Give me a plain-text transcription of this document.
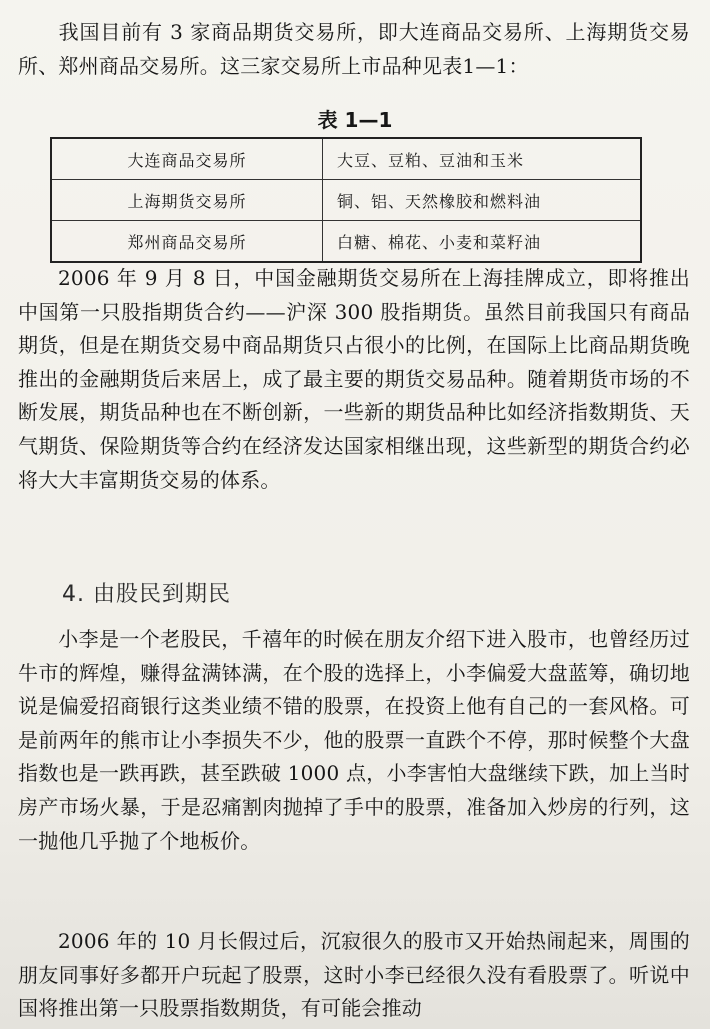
我国目前有 3 家商品期货交易所，即大连商品交易所、上海期货交易所、郑州商品交易所。这三家交易所上市品种见表1—1：

表 1—1
大连商品交易所	大豆、豆粕、豆油和玉米
上海期货交易所	铜、铝、天然橡胶和燃料油
郑州商品交易所	白糖、棉花、小麦和菜籽油

2006 年 9 月 8 日，中国金融期货交易所在上海挂牌成立，即将推出中国第一只股指期货合约——沪深 300 股指期货。虽然目前我国只有商品期货，但是在期货交易中商品期货只占很小的比例，在国际上比商品期货晚推出的金融期货后来居上，成了最主要的期货交易品种。随着期货市场的不断发展，期货品种也在不断创新，一些新的期货品种比如经济指数期货、天气期货、保险期货等合约在经济发达国家相继出现，这些新型的期货合约必将大大丰富期货交易的体系。

4. 由股民到期民

小李是一个老股民，千禧年的时候在朋友介绍下进入股市，也曾经历过牛市的辉煌，赚得盆满钵满，在个股的选择上，小李偏爱大盘蓝筹，确切地说是偏爱招商银行这类业绩不错的股票，在投资上他有自己的一套风格。可是前两年的熊市让小李损失不少，他的股票一直跌个不停，那时候整个大盘指数也是一跌再跌，甚至跌破 1000 点，小李害怕大盘继续下跌，加上当时房产市场火暴，于是忍痛割肉抛掉了手中的股票，准备加入炒房的行列，这一抛他几乎抛了个地板价。

2006 年的 10 月长假过后，沉寂很久的股市又开始热闹起来，周围的朋友同事好多都开户玩起了股票，这时小李已经很久没有看股票了。听说中国将推出第一只股票指数期货，有可能会推动
